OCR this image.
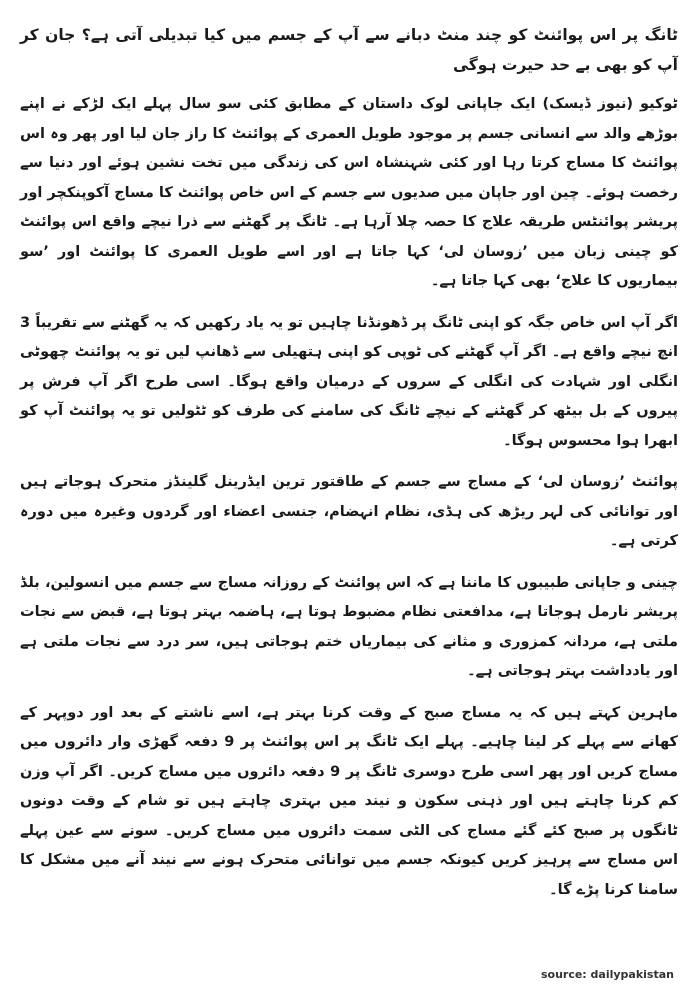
ٹانگ پر اس پوائنٹ کو چند منٹ دبانے سے آپ کے جسم میں کیا تبدیلی آتی ہے؟ جان کر آپ کو بھی بے حد حیرت ہوگی

ٹوکیو (نیوز ڈیسک) ایک جاپانی لوک داستان کے مطابق کئی سو سال پہلے ایک لڑکے نے اپنے بوڑھے والد سے انسانی جسم پر موجود طویل العمری کے پوائنٹ کا راز جان لیا اور پھر وہ اس پوائنٹ کا مساج کرتا رہا اور کئی شہنشاہ اس کی زندگی میں تخت نشین ہوئے اور دنیا سے رخصت ہوئے۔ چین اور جاپان میں صدیوں سے جسم کے اس خاص پوائنٹ کا مساج آکوپنکچر اور پریشر پوائنٹس طریقہ علاج کا حصہ چلا آرہا ہے۔ ٹانگ پر گھٹنے سے ذرا نیچے واقع اس پوائنٹ کو چینی زبان میں ’زوسان لی‘ کہا جاتا ہے اور اسے طویل العمری کا پوائنٹ اور ’سو بیماریوں کا علاج‘ بھی کہا جاتا ہے۔

اگر آپ اس خاص جگہ کو اپنی ٹانگ پر ڈھونڈنا چاہیں تو یہ یاد رکھیں کہ یہ گھٹنے سے تقریباً 3 انچ نیچے واقع ہے۔ اگر آپ گھٹنے کی ٹوپی کو اپنی ہتھیلی سے ڈھانپ لیں تو یہ پوائنٹ چھوٹی انگلی اور شہادت کی انگلی کے سروں کے درمیان واقع ہوگا۔ اسی طرح اگر آپ فرش پر پیروں کے بل بیٹھ کر گھٹنے کے نیچے ٹانگ کی سامنے کی طرف کو ٹٹولیں تو یہ پوائنٹ آپ کو ابھرا ہوا محسوس ہوگا۔

پوائنٹ ’زوسان لی‘ کے مساج سے جسم کے طاقتور ترین ایڈرینل گلینڈز متحرک ہوجاتے ہیں اور توانائی کی لہر ریڑھ کی ہڈی، نظام انہضام، جنسی اعضاء اور گردوں وغیرہ میں دورہ کرتی ہے۔

چینی و جاپانی طبیبوں کا ماننا ہے کہ اس پوائنٹ کے روزانہ مساج سے جسم میں انسولین، بلڈ پریشر نارمل ہوجاتا ہے، مدافعتی نظام مضبوط ہوتا ہے، ہاضمہ بہتر ہوتا ہے، قبض سے نجات ملتی ہے، مردانہ کمزوری و مثانے کی بیماریاں ختم ہوجاتی ہیں، سر درد سے نجات ملتی ہے اور یادداشت بہتر ہوجاتی ہے۔

ماہرین کہتے ہیں کہ یہ مساج صبح کے وقت کرنا بہتر ہے، اسے ناشتے کے بعد اور دوپہر کے کھانے سے پہلے کر لینا چاہیے۔ پہلے ایک ٹانگ پر اس پوائنٹ پر 9 دفعہ گھڑی وار دائروں میں مساج کریں اور پھر اسی طرح دوسری ٹانگ پر 9 دفعہ دائروں میں مساج کریں۔ اگر آپ وزن کم کرنا چاہتے ہیں اور ذہنی سکون و نیند میں بہتری چاہتے ہیں تو شام کے وقت دونوں ٹانگوں پر صبح کئے گئے مساج کی الٹی سمت دائروں میں مساج کریں۔ سونے سے عین پہلے اس مساج سے پرہیز کریں کیونکہ جسم میں توانائی متحرک ہونے سے نیند آنے میں مشکل کا سامنا کرنا پڑے گا۔

source: dailypakistan
